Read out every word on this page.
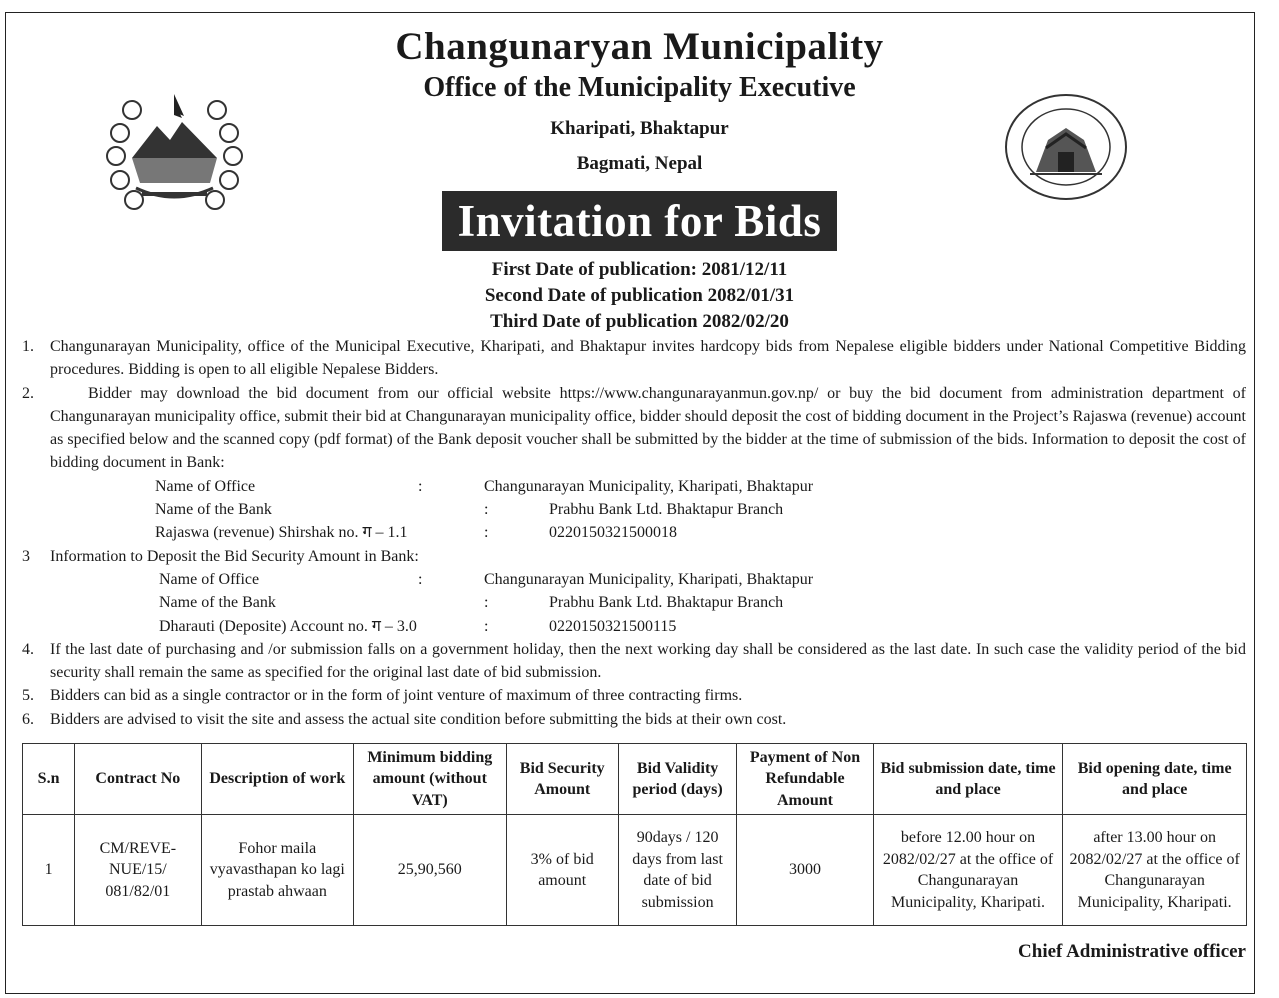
Changunaryan Municipality
Office of the Municipality Executive
Kharipati, Bhaktapur
Bagmati, Nepal
Invitation for Bids
First Date of publication: 2081/12/11
Second Date of publication 2082/01/31
Third Date of publication 2082/02/20
1. Changunarayan Municipality, office of the Municipal Executive, Kharipati, and Bhaktapur invites hardcopy bids from Nepalese eligible bidders under National Competitive Bidding procedures. Bidding is open to all eligible Nepalese Bidders.
2.	Bidder may download the bid document from our official website https://www.changunarayanmun.gov.np/ or buy the bid document from administration department of Changunarayan municipality office, submit their bid at Changunarayan municipality office, bidder should deposit the cost of bidding document in the Project’s Rajaswa (revenue) account as specified below and the scanned copy (pdf format) of the Bank deposit voucher shall be submitted by the bidder at the time of submission of the bids. Information to deposit the cost of bidding document in Bank:
Name of Office	:	Changunarayan Municipality, Kharipati, Bhaktapur
Name of the Bank	:	Prabhu Bank Ltd. Bhaktapur Branch
Rajaswa (revenue) Shirshak no. ग – 1.1	:	0220150321500018
3 Information to Deposit the Bid Security Amount in Bank:
Name of Office	:	Changunarayan Municipality, Kharipati, Bhaktapur
Name of the Bank	:	Prabhu Bank Ltd. Bhaktapur Branch
Dharauti (Deposite) Account no. ग – 3.0	:	0220150321500115
4. If the last date of purchasing and /or submission falls on a government holiday, then the next working day shall be considered as the last date. In such case the validity period of the bid security shall remain the same as specified for the original last date of bid submission.
5. Bidders can bid as a single contractor or in the form of joint venture of maximum of three contracting firms.
6. Bidders are advised to visit the site and assess the actual site condition before submitting the bids at their own cost.
S.n	Contract No	Description of work	Minimum bidding amount (without VAT)	Bid Security Amount	Bid Validity period (days)	Payment of Non Refundable Amount	Bid submission date, time and place	Bid opening date, time and place
1	CM/REVE-NUE/15/ 081/82/01	Fohor maila vyavasthapan ko lagi prastab ahwaan	25,90,560	3% of bid amount	90days / 120 days from last date of bid submission	3000	before 12.00 hour on 2082/02/27 at the office of Changunarayan Municipality, Kharipati.	after 13.00 hour on 2082/02/27 at the office of Changunarayan Municipality, Kharipati.
Chief Administrative officer
